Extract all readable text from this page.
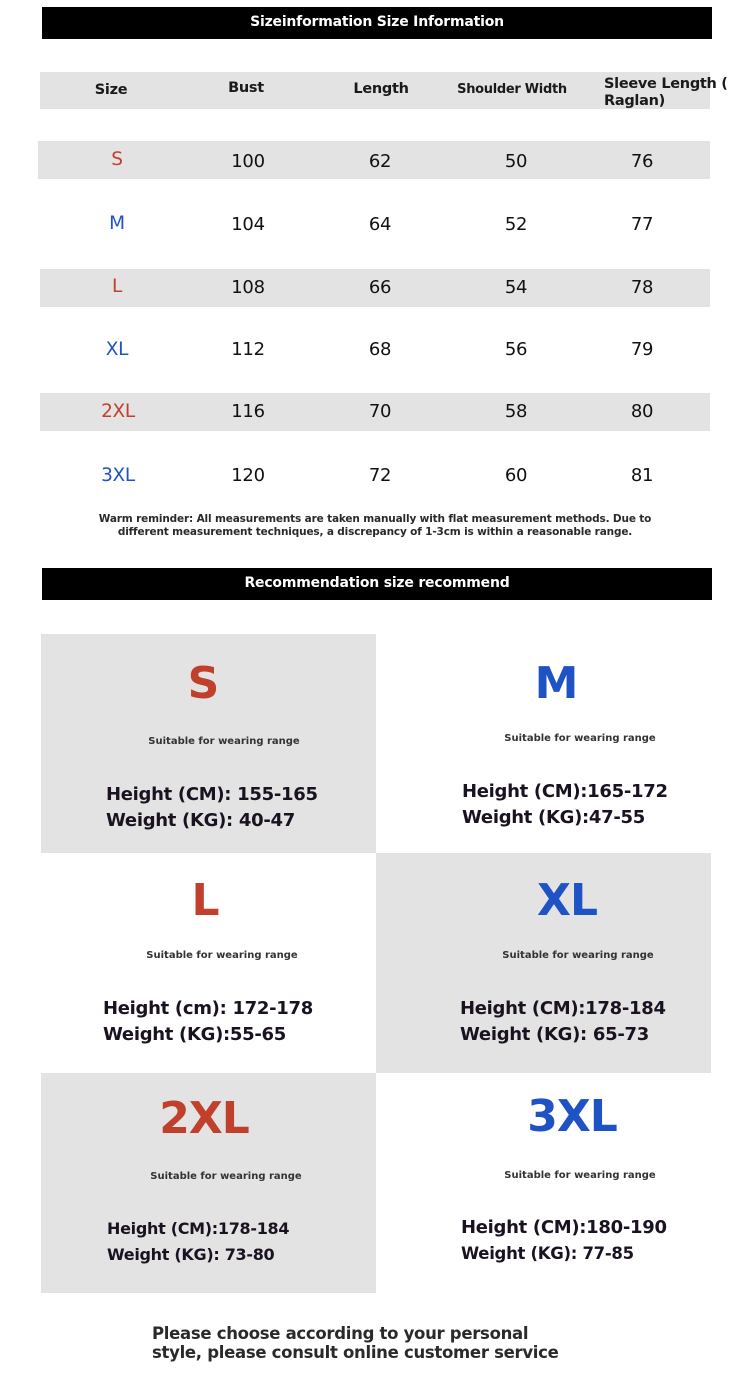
Sizeinformation Size Information
Size	Bust	Length	Shoulder Width	Sleeve Length (
Raglan)
S	100	62	50	76
M	104	64	52	77
L	108	66	54	78
XL	112	68	56	79
2XL	116	70	58	80
3XL	120	72	60	81
Warm reminder: All measurements are taken manually with flat measurement methods. Due to
different measurement techniques, a discrepancy of 1-3cm is within a reasonable range.
Recommendation size recommend
S
Suitable for wearing range
Height (CM): 155-165
Weight (KG): 40-47
M
Suitable for wearing range
Height (CM):165-172
Weight (KG):47-55
L
Suitable for wearing range
Height (cm): 172-178
Weight (KG):55-65
XL
Suitable for wearing range
Height (CM):178-184
Weight (KG): 65-73
2XL
Suitable for wearing range
Height (CM):178-184
Weight (KG): 73-80
3XL
Suitable for wearing range
Height (CM):180-190
Weight (KG): 77-85
Please choose according to your personal
style, please consult online customer service
